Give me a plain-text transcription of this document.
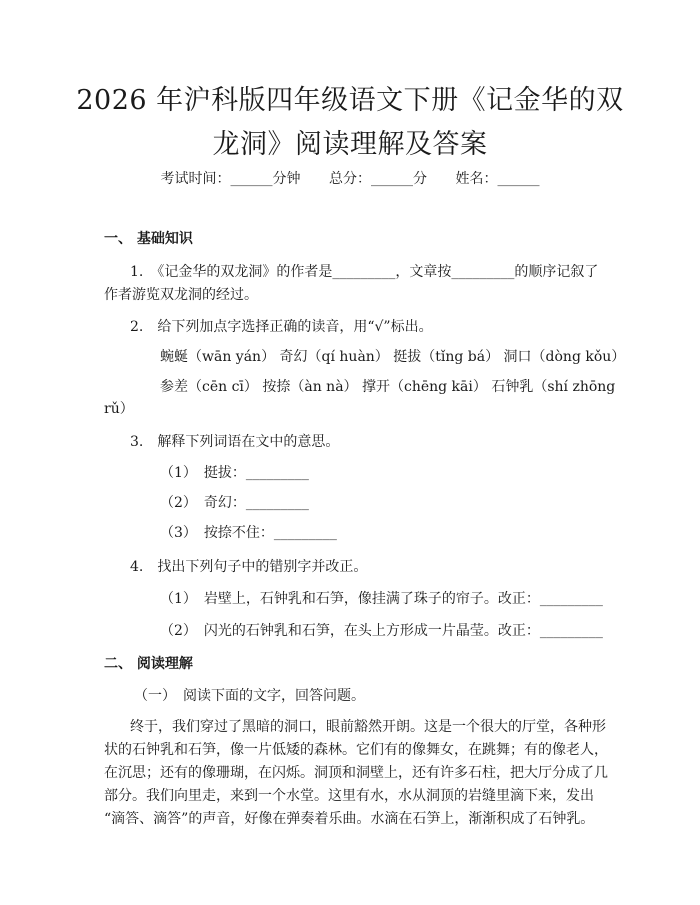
2026 年沪科版四年级语文下册《记金华的双
龙洞》阅读理解及答案
考试时间：______分钟 总分：______分 姓名：______
一、 基础知识
1.　《记金华的双龙洞》的作者是_________，文章按_________的顺序记叙了
作者游览双龙洞的经过。
2.　给下列加点字选择正确的读音，用“√”标出。
蜿蜒（wān yán） 奇幻（qí huàn） 挺拔（tǐng bá） 洞口（dòng kǒu）
参差（cēn cī） 按捺（àn nà） 撑开（chēng kāi） 石钟乳（shí zhōng
rǔ）
3.　解释下列词语在文中的意思。
（1）　挺拔：_________
（2）　奇幻：_________
（3）　按捺不住：_________
4.　找出下列句子中的错别字并改正。
（1）　岩壁上，石钟乳和石笋，像挂满了珠子的帘子。改正：_________
（2）　闪光的石钟乳和石笋，在头上方形成一片晶莹。改正：_________
二、 阅读理解
（一）　阅读下面的文字，回答问题。
终于，我们穿过了黑暗的洞口，眼前豁然开朗。这是一个很大的厅堂，各种形
状的石钟乳和石笋，像一片低矮的森林。它们有的像舞女，在跳舞；有的像老人，
在沉思；还有的像珊瑚，在闪烁。洞顶和洞壁上，还有许多石柱，把大厅分成了几
部分。我们向里走，来到一个水堂。这里有水，水从洞顶的岩缝里滴下来，发出
“滴答、滴答”的声音，好像在弹奏着乐曲。水滴在石笋上，渐渐积成了石钟乳。
